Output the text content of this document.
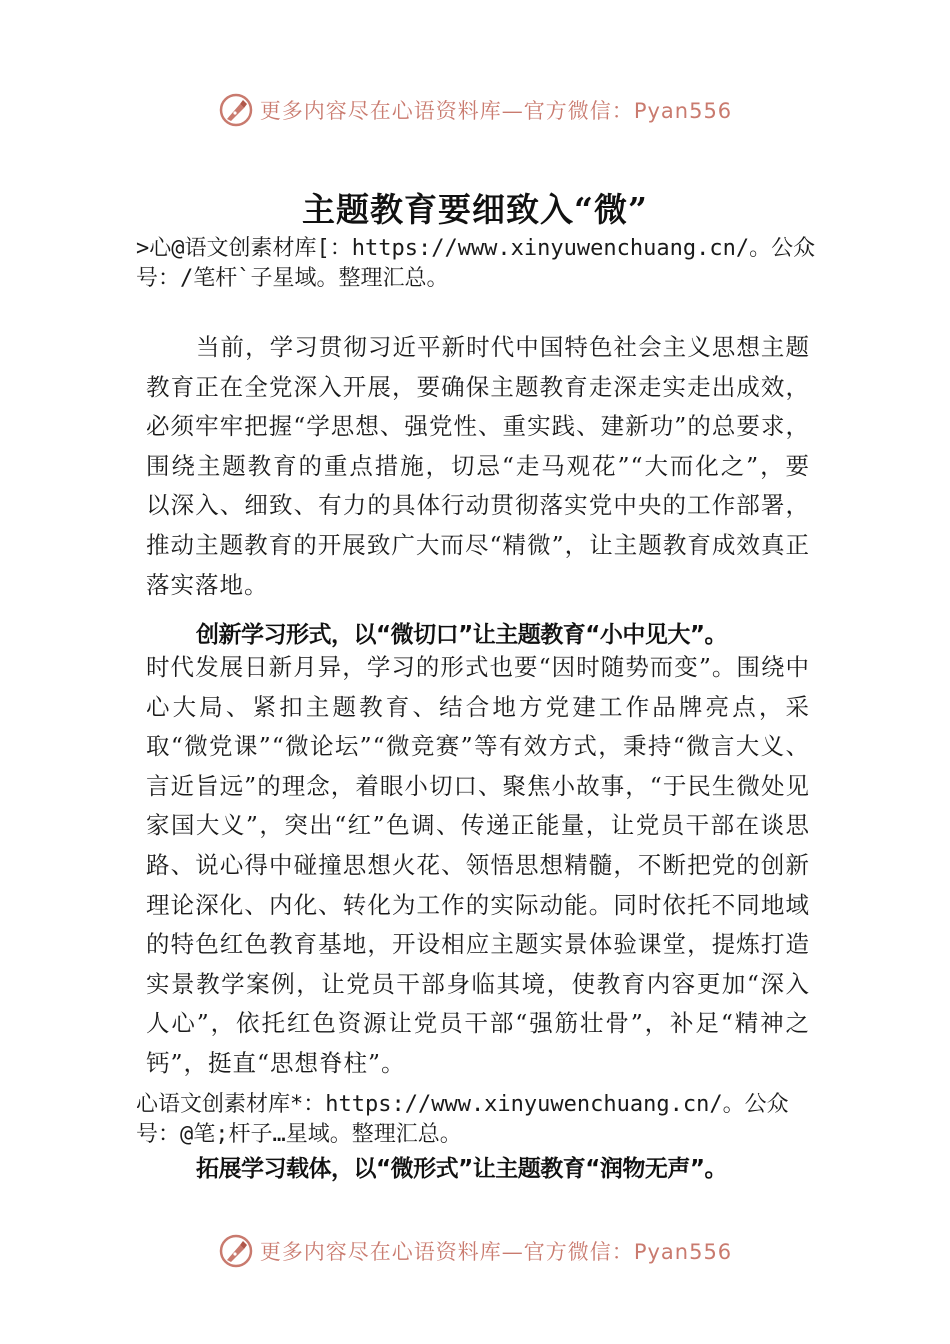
更多内容尽在心语资料库—官方微信：Pyan556
主题教育要细致入“微”
>心@语文创素材库[：https://www.xinyuwenchuang.cn/。公众号：/笔杆`子星域。整理汇总。

当前，学习贯彻习近平新时代中国特色社会主义思想主题教育正在全党深入开展，要确保主题教育走深走实走出成效，必须牢牢把握“学思想、强党性、重实践、建新功”的总要求，围绕主题教育的重点措施，切忌“走马观花”“大而化之”，要以深入、细致、有力的具体行动贯彻落实党中央的工作部署，推动主题教育的开展致广大而尽“精微”，让主题教育成效真正落实落地。

创新学习形式，以“微切口”让主题教育“小中见大”。

时代发展日新月异，学习的形式也要“因时随势而变”。围绕中心大局、紧扣主题教育、结合地方党建工作品牌亮点，采取“微党课”“微论坛”“微竞赛”等有效方式，秉持“微言大义、言近旨远”的理念，着眼小切口、聚焦小故事，“于民生微处见家国大义”，突出“红”色调、传递正能量，让党员干部在谈思路、说心得中碰撞思想火花、领悟思想精髓，不断把党的创新理论深化、内化、转化为工作的实际动能。同时依托不同地域的特色红色教育基地，开设相应主题实景体验课堂，提炼打造实景教学案例，让党员干部身临其境，使教育内容更加“深入人心”，依托红色资源让党员干部“强筋壮骨”，补足“精神之钙”，挺直“思想脊柱”。

心语文创素材库*：https://www.xinyuwenchuang.cn/。公众号：@笔;杆子…星域。整理汇总。
拓展学习载体，以“微形式”让主题教育“润物无声”。
更多内容尽在心语资料库—官方微信：Pyan556
